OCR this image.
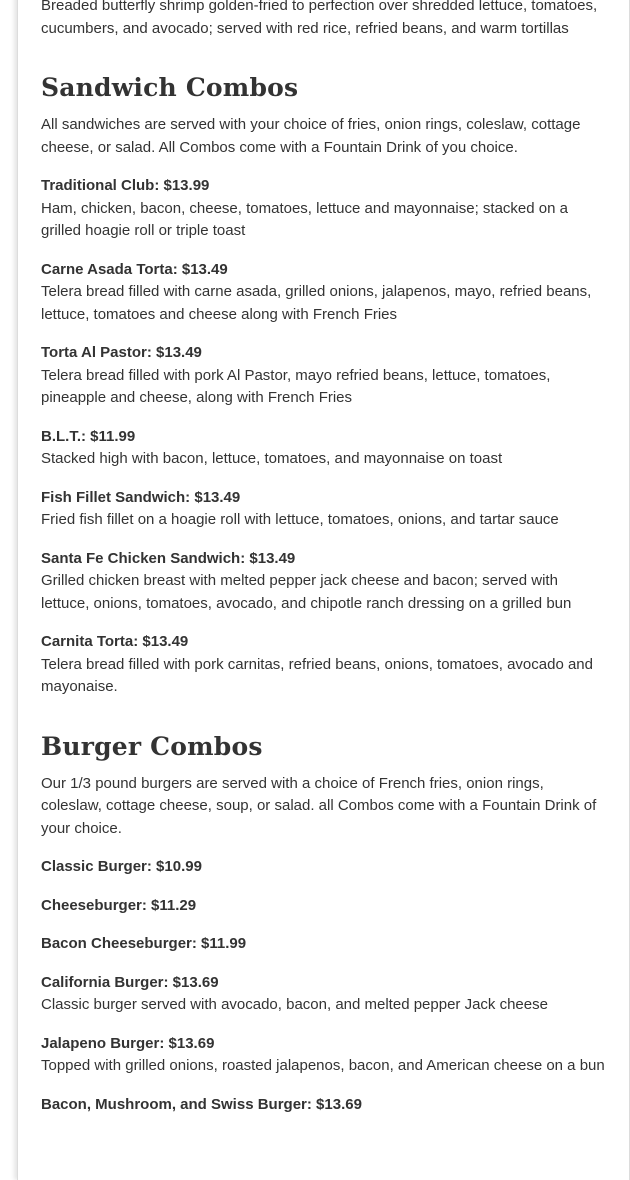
Breaded butterfly shrimp golden-fried to perfection over shredded lettuce, tomatoes, cucumbers, and avocado; served with red rice, refried beans, and warm tortillas

Sandwich Combos

All sandwiches are served with your choice of fries, onion rings, coleslaw, cottage cheese, or salad. All Combos come with a Fountain Drink of you choice.

Traditional Club: $13.99

Ham, chicken, bacon, cheese, tomatoes, lettuce and mayonnaise; stacked on a grilled hoagie roll or triple toast

Carne Asada Torta: $13.49

Telera bread filled with carne asada, grilled onions, jalapenos, mayo, refried beans, lettuce, tomatoes and cheese along with French Fries

Torta Al Pastor: $13.49

Telera bread filled with pork Al Pastor, mayo refried beans, lettuce, tomatoes, pineapple and cheese, along with French Fries

B.L.T.: $11.99

Stacked high with bacon, lettuce, tomatoes, and mayonnaise on toast

Fish Fillet Sandwich: $13.49

Fried fish fillet on a hoagie roll with lettuce, tomatoes, onions, and tartar sauce

Santa Fe Chicken Sandwich: $13.49

Grilled chicken breast with melted pepper jack cheese and bacon; served with lettuce, onions, tomatoes, avocado, and chipotle ranch dressing on a grilled bun

Carnita Torta: $13.49

Telera bread filled with pork carnitas, refried beans, onions, tomatoes, avocado and mayonaise.

Burger Combos

Our 1/3 pound burgers are served with a choice of French fries, onion rings, coleslaw, cottage cheese, soup, or salad. all Combos come with a Fountain Drink of your choice.

Classic Burger: $10.99

Cheeseburger: $11.29

Bacon Cheeseburger: $11.99

California Burger: $13.69

Classic burger served with avocado, bacon, and melted pepper Jack cheese

Jalapeno Burger: $13.69

Topped with grilled onions, roasted jalapenos, bacon, and American cheese on a bun

Bacon, Mushroom, and Swiss Burger: $13.69
